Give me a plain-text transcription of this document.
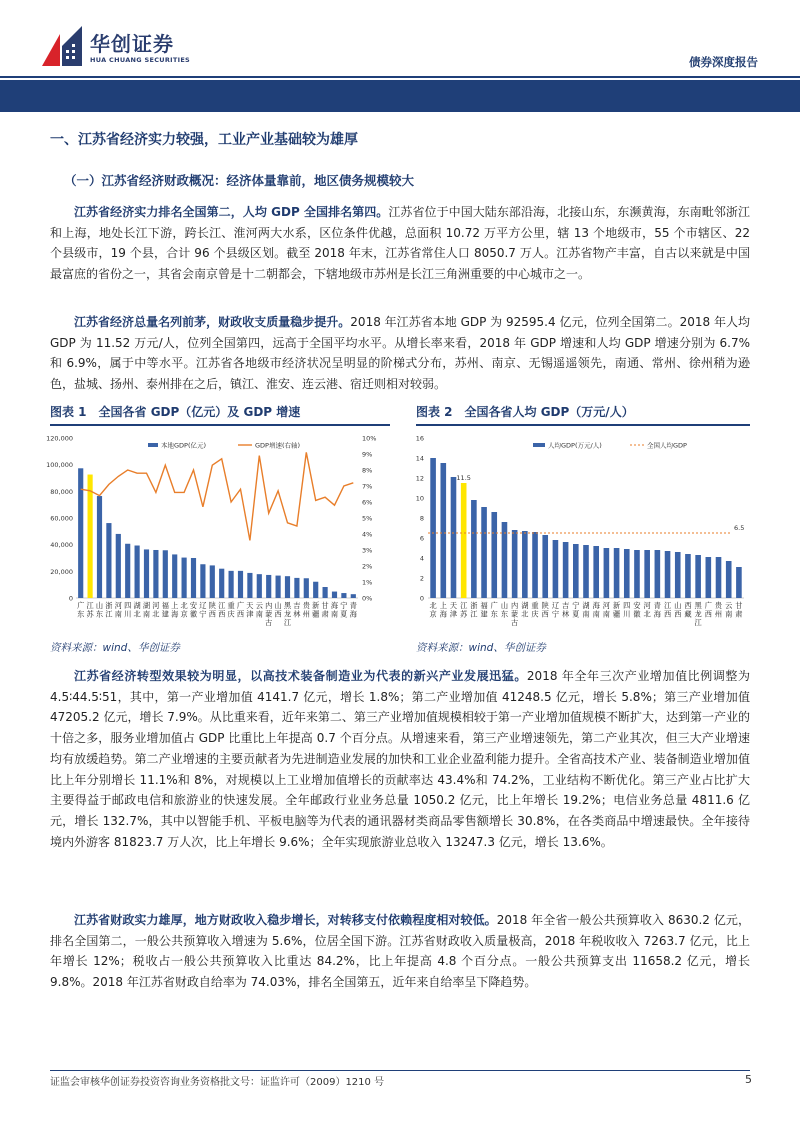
华创证券
HUA CHUANG SECURITIES	债券深度报告
一、江苏省经济实力较强，工业产业基础较为雄厚
（一）江苏省经济财政概况：经济体量靠前，地区债务规模较大
江苏省经济实力排名全国第二，人均 GDP 全国排名第四。江苏省位于中国大陆东部沿海，北接山东，东濒黄海，东南毗邻浙江和上海，地处长江下游，跨长江、淮河两大水系，区位条件优越，总面积 10.72 万平方公里，辖 13 个地级市，55 个市辖区、22 个县级市，19 个县，合计 96 个县级区划。截至 2018 年末，江苏省常住人口 8050.7 万人。江苏省物产丰富，自古以来就是中国最富庶的省份之一，其省会南京曾是十二朝都会，下辖地级市苏州是长江三角洲重要的中心城市之一。
江苏省经济总量名列前茅，财政收支质量稳步提升。2018 年江苏省本地 GDP 为 92595.4 亿元，位列全国第二。2018 年人均 GDP 为 11.52 万元/人，位列全国第四，远高于全国平均水平。从增长率来看，2018 年 GDP 增速和人均 GDP 增速分别为 6.7%和 6.9%，属于中等水平。江苏省各地级市经济状况呈明显的阶梯式分布，苏州、南京、无锡遥遥领先，南通、常州、徐州稍为逊色，盐城、扬州、泰州排在之后，镇江、淮安、连云港、宿迁则相对较弱。
图表 1　全国各省 GDP（亿元）及 GDP 增速	图表 2　全国各省人均 GDP（万元/人）
0
20,000
40,000
60,000
80,000
100,000
120,000
0%
1%
2%
3%
4%
5%
6%
7%
8%
9%
10%
广
东
江
苏
山
东
浙
江
河
南
四
川
湖
北
湖
南
河
北
福
建
上
海
北
京
安
徽
辽
宁
陕
西
江
西
重
庆
广
西
天
津
云
南
内
蒙
古
山
西
黑
龙
江
吉
林
贵
州
新
疆
甘
肃
海
南
宁
夏
青
海
本地GDP(亿元)	GDP增速(右轴)
0
2
4
6
8
10
12
14
16
11.5
6.5
北
京
上
海
天
津
江
苏
浙
江
福
建
广
东
山
东
内
蒙
古
湖
北
重
庆
陕
西
辽
宁
吉
林
宁
夏
湖
南
海
南
河
南
新
疆
四
川
安
徽
河
北
青
海
江
西
山
西
西
藏
黑
龙
江
广
西
贵
州
云
南
甘
肃
人均GDP(万元/人)	全国人均GDP
资料来源：wind、华创证券	资料来源：wind、华创证券
江苏省经济转型效果较为明显，以高技术装备制造业为代表的新兴产业发展迅猛。2018 年全年三次产业增加值比例调整为 4.5∶44.5∶51，其中，第一产业增加值 4141.7 亿元，增长 1.8%；第二产业增加值 41248.5 亿元，增长 5.8%；第三产业增加值 47205.2 亿元，增长 7.9%。从比重来看，近年来第二、第三产业增加值规模相较于第一产业增加值规模不断扩大，达到第一产业的十倍之多，服务业增加值占 GDP 比重比上年提高 0.7 个百分点。从增速来看，第三产业增速领先，第二产业其次，但三大产业增速均有放缓趋势。第二产业增速的主要贡献者为先进制造业发展的加快和工业企业盈利能力提升。全省高技术产业、装备制造业增加值比上年分别增长 11.1%和 8%，对规模以上工业增加值增长的贡献率达 43.4%和 74.2%，工业结构不断优化。第三产业占比扩大主要得益于邮政电信和旅游业的快速发展。全年邮政行业业务总量 1050.2 亿元，比上年增长 19.2%；电信业务总量 4811.6 亿元，增长 132.7%，其中以智能手机、平板电脑等为代表的通讯器材类商品零售额增长 30.8%，在各类商品中增速最快。全年接待境内外游客 81823.7 万人次，比上年增长 9.6%；全年实现旅游业总收入 13247.3 亿元，增长 13.6%。
江苏省财政实力雄厚，地方财政收入稳步增长，对转移支付依赖程度相对较低。2018 年全省一般公共预算收入 8630.2 亿元，排名全国第二，一般公共预算收入增速为 5.6%，位居全国下游。江苏省财政收入质量极高，2018 年税收收入 7263.7 亿元，比上年增长 12%；税收占一般公共预算收入比重达 84.2%，比上年提高 4.8 个百分点。一般公共预算支出 11658.2 亿元，增长 9.8%。2018 年江苏省财政自给率为 74.03%，排名全国第五，近年来自给率呈下降趋势。
证监会审核华创证券投资咨询业务资格批文号：证监许可（2009）1210 号	5
